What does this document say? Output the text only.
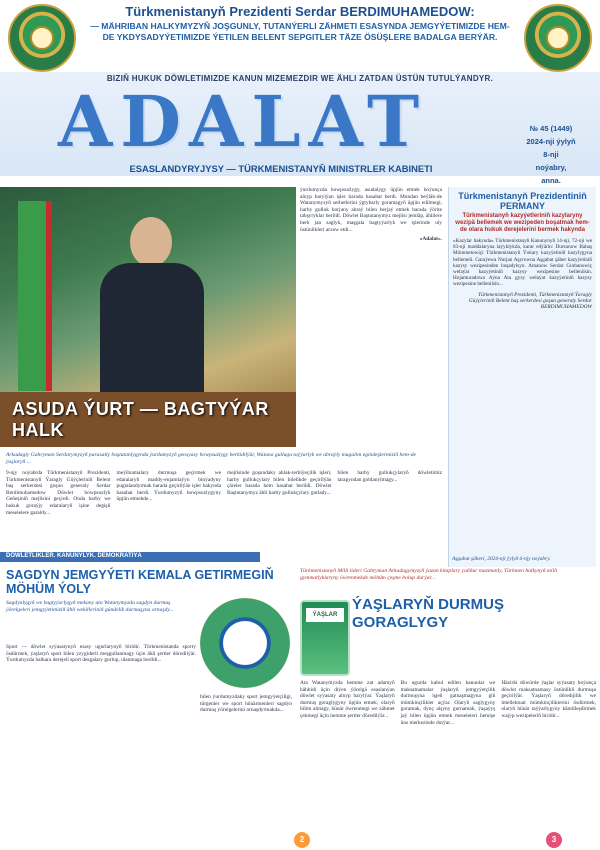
Türkmenistanyň Prezidenti Serdar BERDIMUHAMEDOW:
— MÄHRIBAN HALKYMYZYŇ JOŞGUNLY, TUTANÝERLI ZÄHMETI ESASYNDA JEMGYÝETIMIZDE HEM-DE YKDYSADYÝETIMIZDE ÝETILEN BELENT SEPGITLER TÄZE ÖSÜŞLERE BADALGA BERÝÄR.
BIZIŇ HUKUK DÖWLETIMIZDE KANUN MIZEMEZDIR WE ÄHLI ZATDAN ÜSTÜN TUTULÝANDYR.
ADALAT
ESASLANDYRYJYSY — TÜRKMENISTANYŇ MINISTRLER KABINETI
№ 45 (1449)
2024-nji ýylyň
8-nji
noýabry,
anna.
ASUDA ÝURT — BAGTYÝAR HALK
ýurdumyzda howpsuzlygy, asudalygy üpjün etmek boýunça alnyp barylýan işler barada hasabat berdi. Mundan beýläk-de Watanymyzyň serhetlerini ýgtybarly goramagyň üpjün edilmegi, harby gulluk borjuny abraý bilen berjaý etmek barada ýörite tabşyryklar berildi. Döwlet Baştutanymyz mejlisi jemläp, ählilere berk jan saglyk, maşgala bagtyýarlyk we işlerinde uly üstünlikleri arzuw etdi...
«Adalat».
Türkmenistanyň Prezidentiniň PERMANY
Türkmenistanyň kazyýetleriniň kazylaryny wezipä bellemek we wezipeden boşatmak hem-de olara hukuk derejelerini bermek hakynda
«Kazylar hakynda» Türkmenistanyň Kanunynyň 14-nji, 72-nji we 83-nji maddalaryna laýyklykda, karar edýärin: Dursunow Babaş Mömmetowiçi Türkmenistanyň Ýokary kazyýetiniň kazylygyna bellemeli. Garaýewa Nurjan Aşyrowna Aşgabat şäher kazyýetiniň kazysy wezipesinden boşadylsyn. Amanow Serdar Gurbanowiç welaýat kazyýetiniň kazysy wezipesine bellenilsin. Hojamuradowa Aýna Ata gyzy welaýat kazyýetiniň kazysy wezipesine bellenilsin...
Türkmenistanyň Prezidenti, Türkmenistanyň Ýaragly Güýçleriniň Belent baş serkerdesi goşun generaly Serdar BERDIMUHAMEDOW
Arkadagly Gahryman Serdarymyzyň parasatly baştutanlygynda ýurdumyzyň geosyasy howpsuzlygy berkidilýär, Watana gulluga taýýarlyk we abraýly mugalim egindeşlermiziň hem-de ýaşlaryň ...
9-njy noýabrda Türkmenistanyň Prezidenti, Türkmenistanyň Ýaragly Güýçleriniň Belent baş serkerdesi goşun generaly Serdar Berdimuhamedow Döwlet howpsuzlyk Geňeşiniň mejlisini geçirdi. Onda harby we hukuk goraýjy edaralaryň işine degişli meselelere garaldy...
meýilnamalary durmuşa geçirmek we edaralaryň maddy-enjamlaýyn binýadyny pugtalandyrmak barada geçirilýän işler hakynda hasabat berdi. Ýurdumyzyň howpsuzlygyny üpjün etmekde...
mejlisinde goşundaky ahlak-terbiýeçilik işleri, harby gullukçylary bilen bilelikde geçirilýän çäreler barada hem hasabat berildi. Döwlet Baştutanymyz ähli harby gullukçylary gutlady...
bilen harby gullukçylaryň döwletimiz tarapyndan goldanylmagy...
Aşgabat şäheri, 2024-nji ýylyň 6-njy noýabry.
DÖWLETLIKLER. KANUNYLYK. DEMOKRATIÝA
SAGDYN JEMGYÝETI KEMALA GETIRMEGIŇ MÖHÜM ÝOLY
Sagdynlygyň we bagtyýarlygyň mekany ata Watanymyzda sagdyn durmuş ýörelgeleri jemgyýetimiziň ähli wekilleriniň gündelik durmuşyna ornaşdy...
Sport — döwlet syýasatynyň esasy ugurlarynyň biridir. Türkmenistanda sporty ösdürmek, ýaşlaryň sport bilen yzygiderli meşgullanmagy üçin ähli şertler döredilýär. Ýurdumyzda halkara derejeli sport desgalary gurlup, ulanmaga berildi...
bilen ýurdumyzdaky sport jemgyýetçiligi, türgenler we sport hünärmenleri sagdyn durmuş ýörelgelerini ornaşdyrmakda...
Türkmenistanyň Milli lideri Gahryman Arkadagymyzyň ýazan kitaplary çuňňur mazmunly, Türkmen halkynyň milli gymmatlyklaryny öwrenmekde möhüm çeşme bolup durýar...
ÝAŞLAR
ÝAŞLARYŇ DURMUŞ GORAGLYGY
Ata Watanymyzda hemme zat adamyň bähbidi üçin diýen ýörelgä esaslanýan döwlet syýasaty alnyp barylýar. Ýaşlaryň durmuş goraglygyny üpjün etmek, olaryň bilim almagy, hünär öwrenmegi we zähmet çekmegi üçin hemme şertler döredilýär...
Bu ugurda kabul edilen kanunlar we maksatnamalar ýaşlaryň jemgyýetçilik durmuşyna işjeň gatnaşmagyna giň mümkinçilikler açýar. Olaryň saglygyny goramak, dynç alşyny gurnamak, ýaşaýyş jaý bilen üpjün etmek meseleleri hemişe üns merkezinde durýar...
Häzirki döwürde ýaşlar syýasaty boýunça döwlet maksatnamasy üstünlikli durmuşa geçirilýär. Ýaşlaryň döredijilik we intellektual mümkinçiliklerini ösdürmek, olaryň hünär taýýarlygyny kämilleşdirmek wajyp wezipeleriň biridir...
2	3
